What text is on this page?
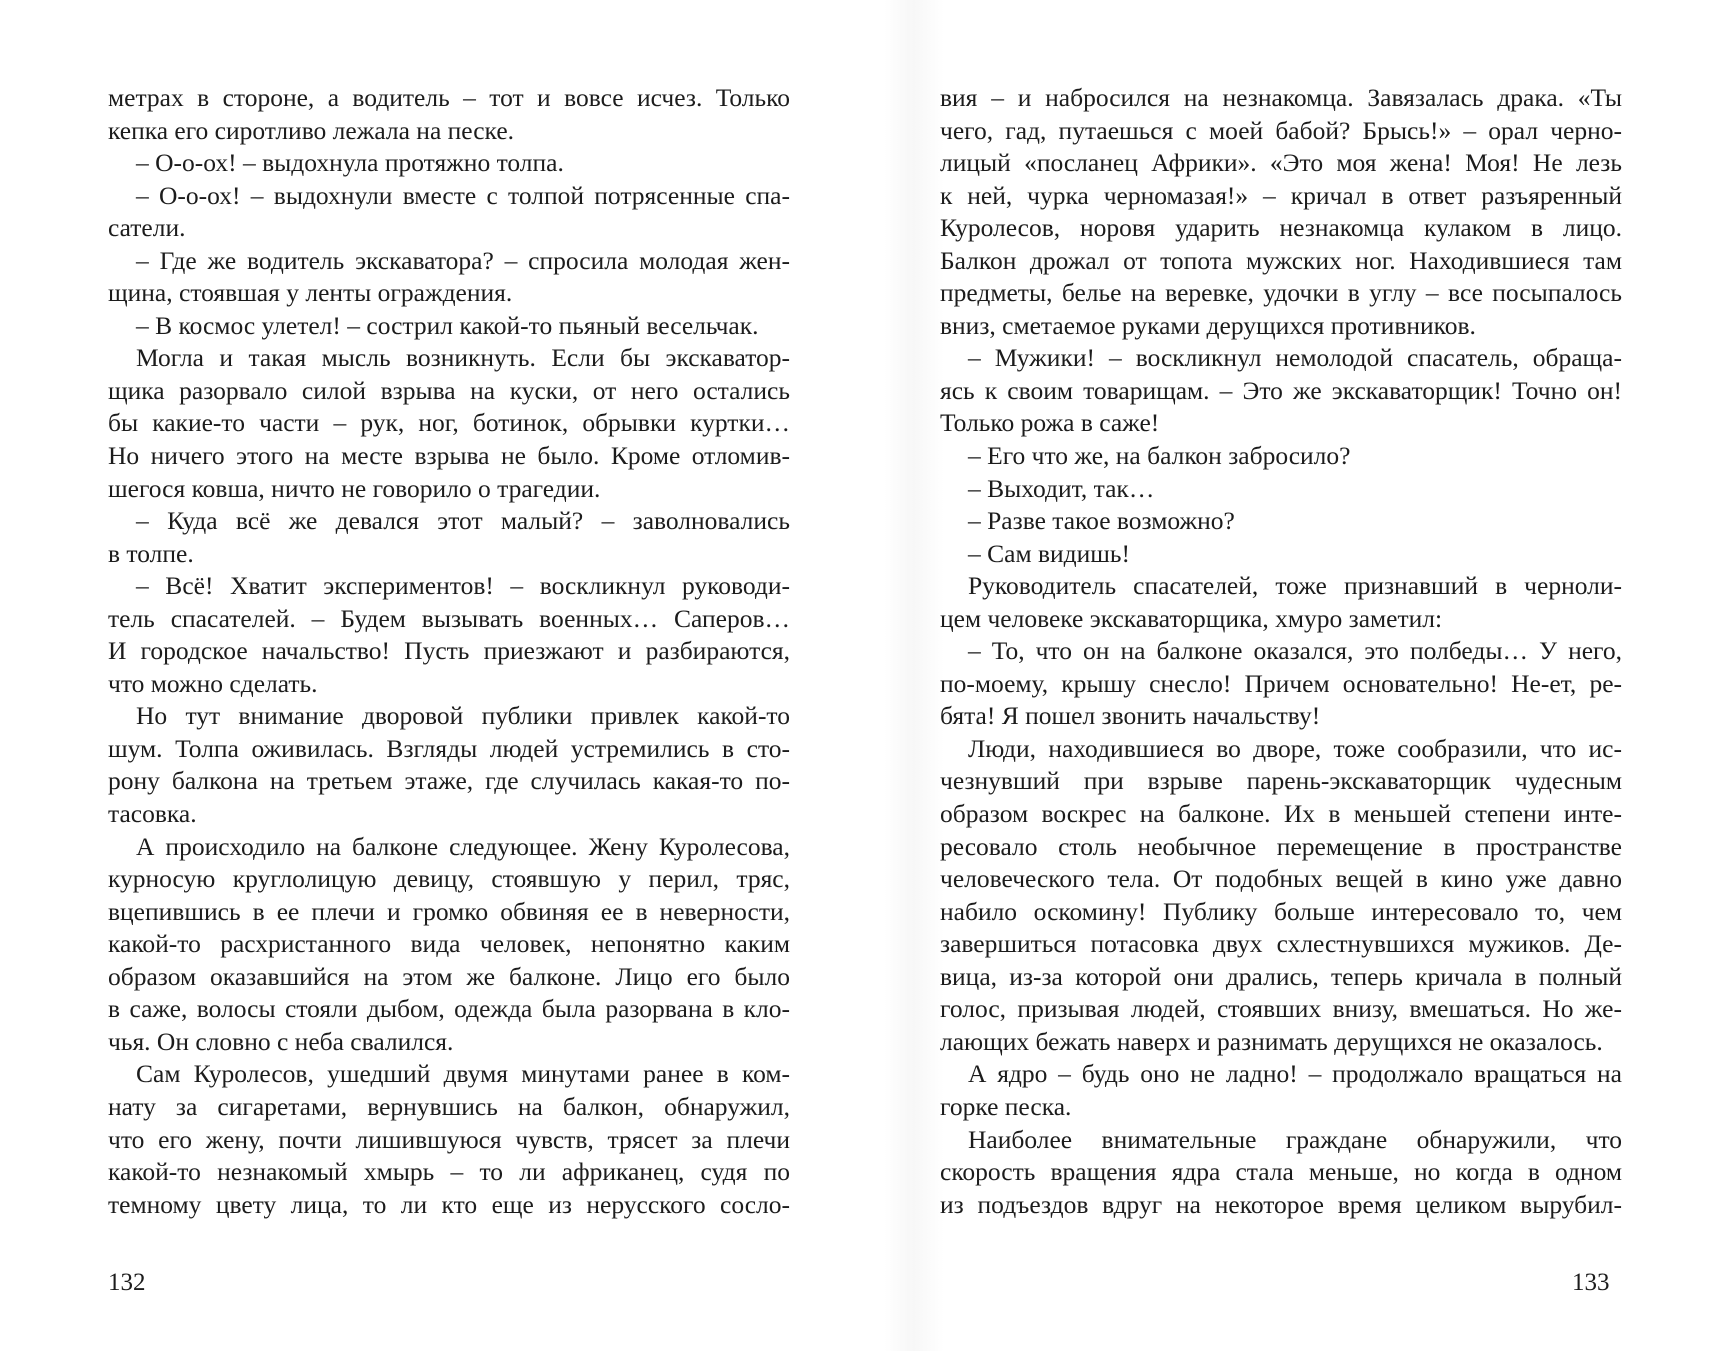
метрах в стороне, а водитель – тот и вовсе исчез. Только
кепка его сиротливо лежала на песке.
– О-о-ох! – выдохнула протяжно толпа.
– О-о-ох! – выдохнули вместе с толпой потрясенные спа-
сатели.
– Где же водитель экскаватора? – спросила молодая жен-
щина, стоявшая у ленты ограждения.
– В космос улетел! – сострил какой-то пьяный весельчак.
Могла и такая мысль возникнуть. Если бы экскаватор-
щика разорвало силой взрыва на куски, от него остались
бы какие-то части – рук, ног, ботинок, обрывки куртки…
Но ничего этого на месте взрыва не было. Кроме отломив-
шегося ковша, ничто не говорило о трагедии.
– Куда всё же девался этот малый? – заволновались
в толпе.
– Всё! Хватит экспериментов! – воскликнул руководи-
тель спасателей. – Будем вызывать военных… Саперов…
И городское начальство! Пусть приезжают и разбираются,
что можно сделать.
Но тут внимание дворовой публики привлек какой-то
шум. Толпа оживилась. Взгляды людей устремились в сто-
рону балкона на третьем этаже, где случилась какая-то по-
тасовка.
А происходило на балконе следующее. Жену Куролесова,
курносую круглолицую девицу, стоявшую у перил, тряс,
вцепившись в ее плечи и громко обвиняя ее в неверности,
какой-то расхристанного вида человек, непонятно каким
образом оказавшийся на этом же балконе. Лицо его было
в саже, волосы стояли дыбом, одежда была разорвана в кло-
чья. Он словно с неба свалился.
Сам Куролесов, ушедший двумя минутами ранее в ком-
нату за сигаретами, вернувшись на балкон, обнаружил,
что его жену, почти лишившуюся чувств, трясет за плечи
какой-то незнакомый хмырь – то ли африканец, судя по
темному цвету лица, то ли кто еще из нерусского сосло-
вия – и набросился на незнакомца. Завязалась драка. «Ты
чего, гад, путаешься с моей бабой? Брысь!» – орал черно-
лицый «посланец Африки». «Это моя жена! Моя! Не лезь
к ней, чурка черномазая!» – кричал в ответ разъяренный
Куролесов, норовя ударить незнакомца кулаком в лицо.
Балкон дрожал от топота мужских ног. Находившиеся там
предметы, белье на веревке, удочки в углу – все посыпалось
вниз, сметаемое руками дерущихся противников.
– Мужики! – воскликнул немолодой спасатель, обраща-
ясь к своим товарищам. – Это же экскаваторщик! Точно он!
Только рожа в саже!
– Его что же, на балкон забросило?
– Выходит, так…
– Разве такое возможно?
– Сам видишь!
Руководитель спасателей, тоже признавший в черноли-
цем человеке экскаваторщика, хмуро заметил:
– То, что он на балконе оказался, это полбеды… У него,
по-моему, крышу снесло! Причем основательно! Не-ет, ре-
бята! Я пошел звонить начальству!
Люди, находившиеся во дворе, тоже сообразили, что ис-
чезнувший при взрыве парень-экскаваторщик чудесным
образом воскрес на балконе. Их в меньшей степени инте-
ресовало столь необычное перемещение в пространстве
человеческого тела. От подобных вещей в кино уже давно
набило оскомину! Публику больше интересовало то, чем
завершиться потасовка двух схлестнувшихся мужиков. Де-
вица, из-за которой они дрались, теперь кричала в полный
голос, призывая людей, стоявших внизу, вмешаться. Но же-
лающих бежать наверх и разнимать дерущихся не оказалось.
А ядро – будь оно не ладно! – продолжало вращаться на
горке песка.
Наиболее внимательные граждане обнаружили, что
скорость вращения ядра стала меньше, но когда в одном
из подъездов вдруг на некоторое время целиком вырубил-
132	133
